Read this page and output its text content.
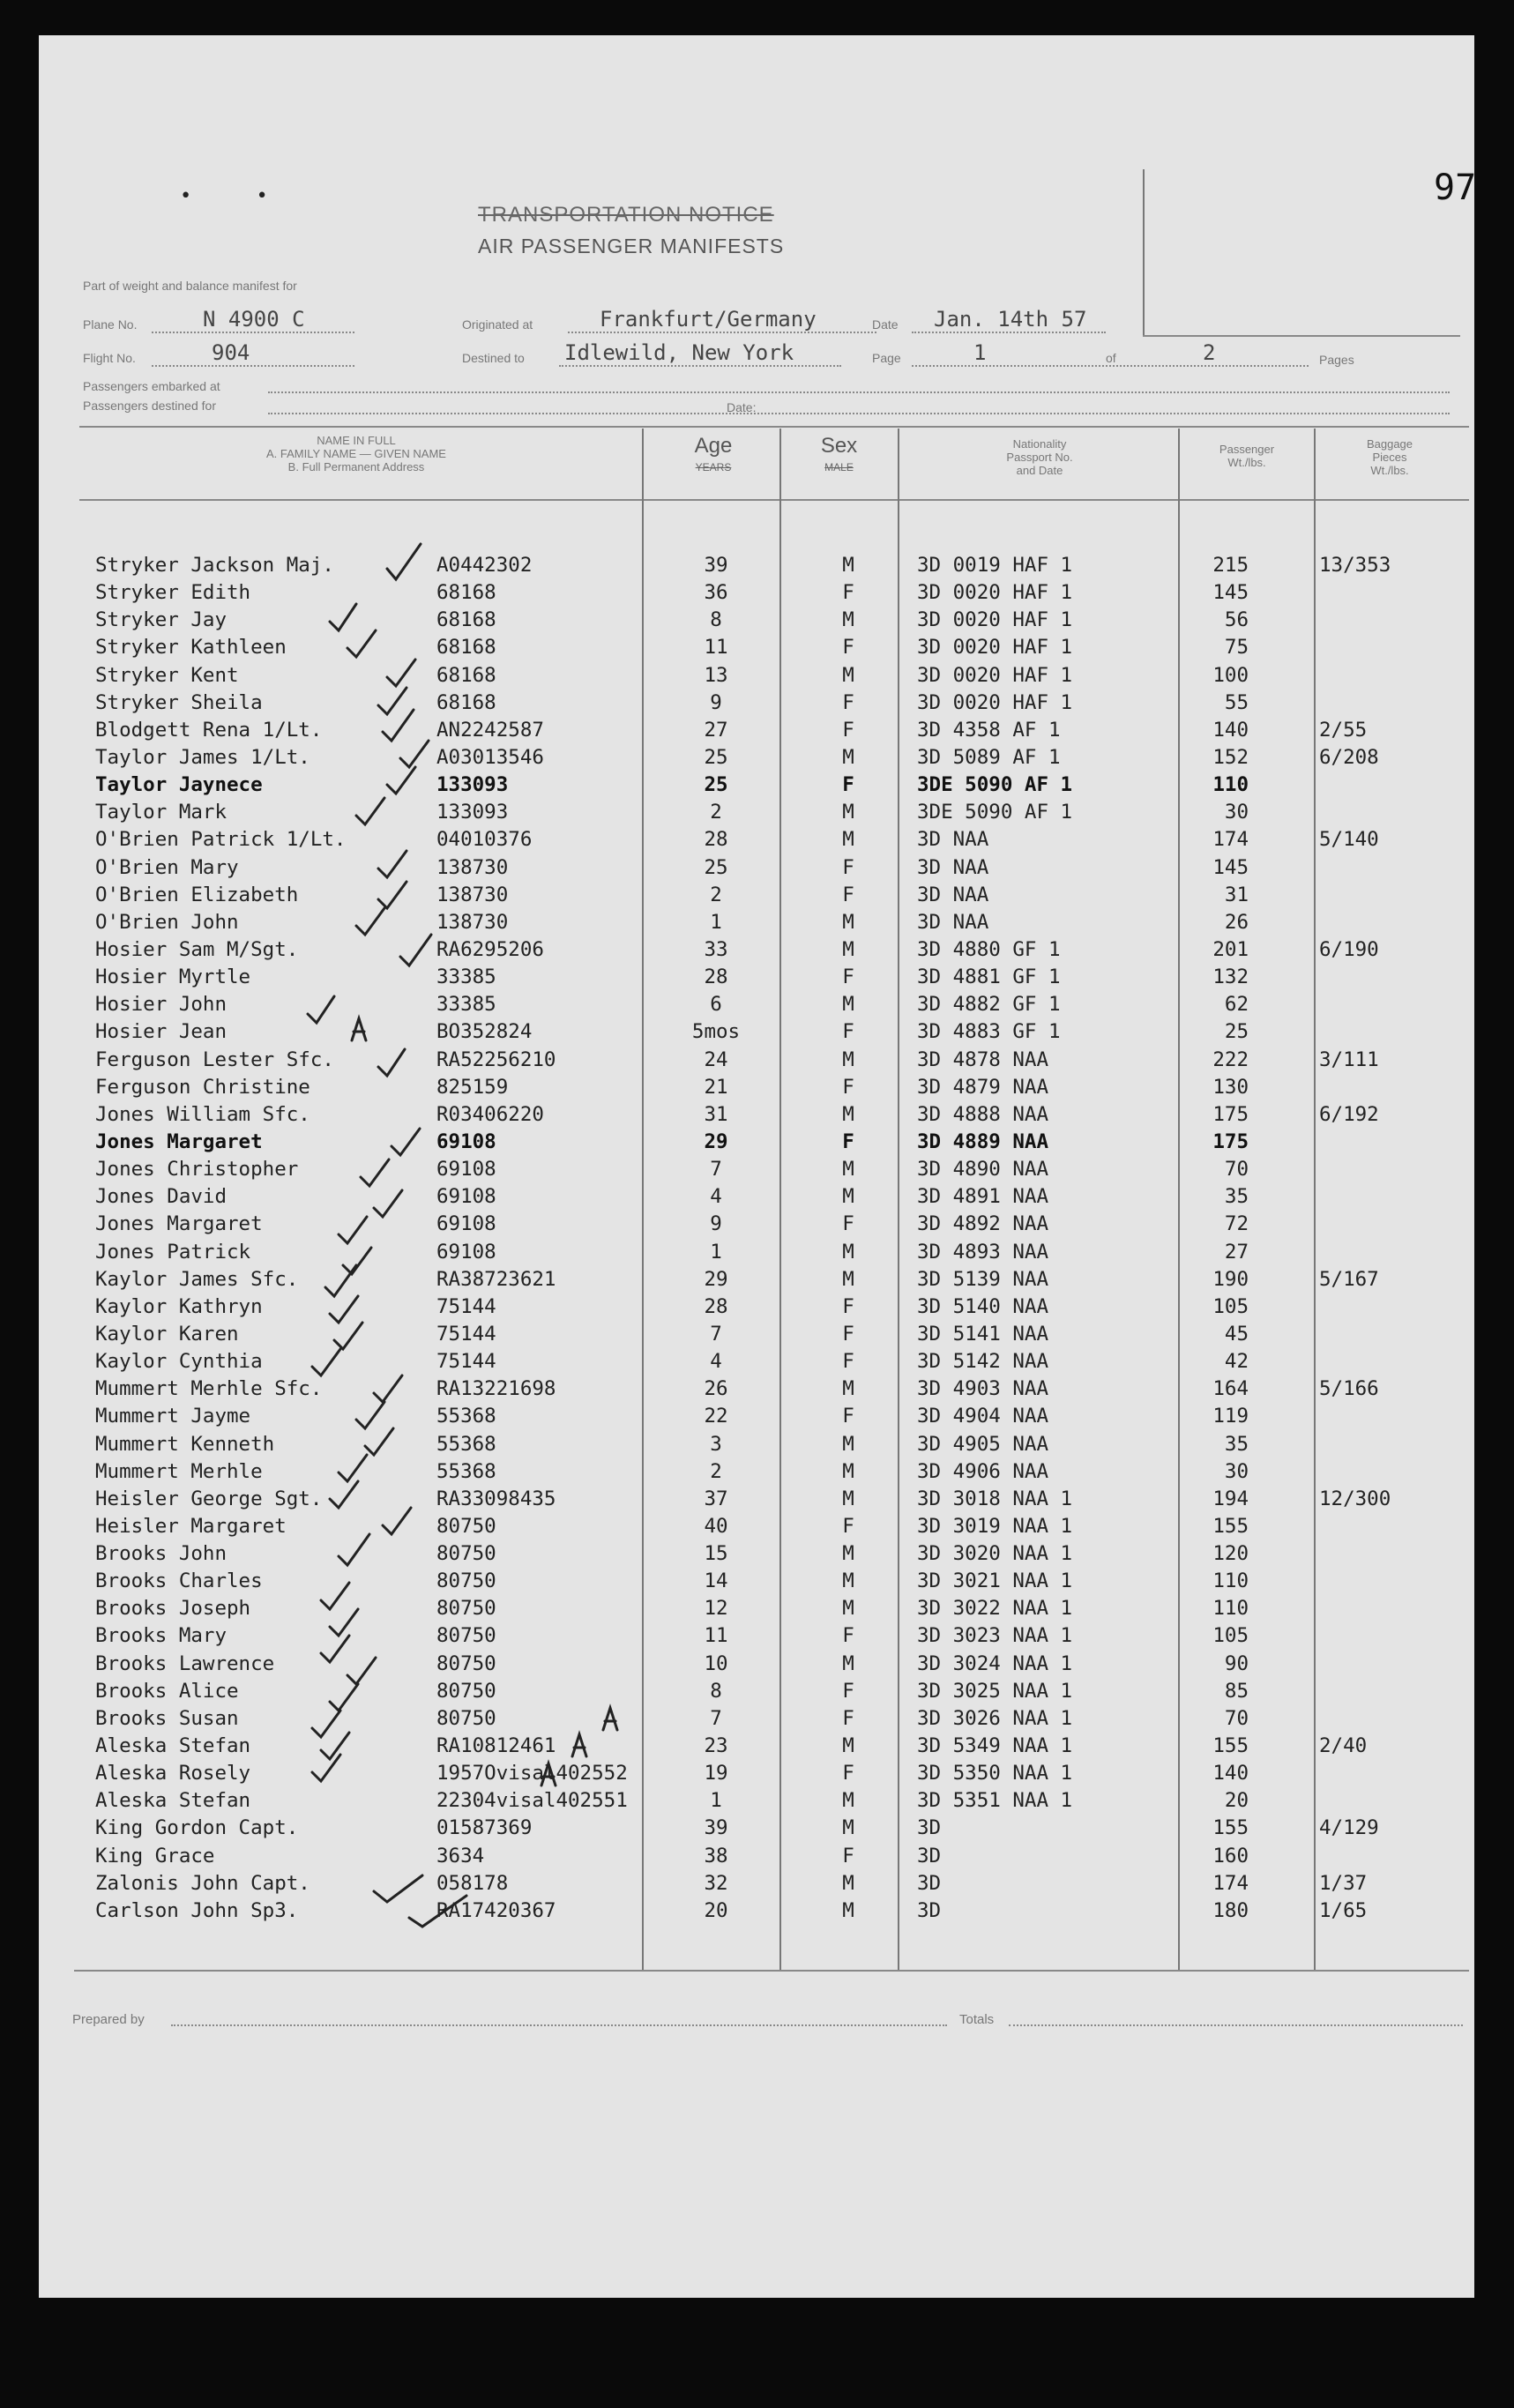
97
• •
TRANSPORTATION NOTICE
AIR PASSENGER MANIFESTS
Part of weight and balance manifest for
Plane No.	N 4900 C	Originated at	Frankfurt/Germany	Date Jan. 14th 57
Flight No.	904	Destined to Idlewild, New York	Page	1	of	2	Pages
Passengers embarked at
Passengers destined for	Date:
NAME IN FULL
A. FAMILY NAME — GIVEN NAME
B. Full Permanent Address
Age
YEARS
Sex
MALE
Nationality
Passport No.
and Date
Passenger
Wt./lbs.
Baggage
Pieces
Wt./lbs.
Stryker Jackson Maj.	A0442302	39	M	3D 0019 HAF 1	215	13/353
Stryker Edith	68168	36	F	3D 0020 HAF 1	145
Stryker Jay	68168	8	M	3D 0020 HAF 1	56
Stryker Kathleen	68168	11	F	3D 0020 HAF 1	75
Stryker Kent	68168	13	M	3D 0020 HAF 1	100
Stryker Sheila	68168	9	F	3D 0020 HAF 1	55
Blodgett Rena 1/Lt.	AN2242587	27	F	3D 4358 AF 1	140	2/55
Taylor James 1/Lt.	A03013546	25	M	3D 5089 AF 1	152	6/208
Taylor Jaynece	133093	25	F	3DE 5090 AF 1	110
Taylor Mark	133093	2	M	3DE 5090 AF 1	30
O'Brien Patrick 1/Lt.	04010376	28	M	3D NAA	174	5/140
O'Brien Mary	138730	25	F	3D NAA	145
O'Brien Elizabeth	138730	2	F	3D NAA	31
O'Brien John	138730	1	M	3D NAA	26
Hosier Sam M/Sgt.	RA6295206	33	M	3D 4880 GF 1	201	6/190
Hosier Myrtle	33385	28	F	3D 4881 GF 1	132
Hosier John	33385	6	M	3D 4882 GF 1	62
Hosier Jean	BO352824	5mos	F	3D 4883 GF 1	25
Ferguson Lester Sfc.	RA52256210	24	M	3D 4878 NAA	222	3/111
Ferguson Christine	825159	21	F	3D 4879 NAA	130
Jones William Sfc.	R03406220	31	M	3D 4888 NAA	175	6/192
Jones Margaret	69108	29	F	3D 4889 NAA	175
Jones Christopher	69108	7	M	3D 4890 NAA	70
Jones David	69108	4	M	3D 4891 NAA	35
Jones Margaret	69108	9	F	3D 4892 NAA	72
Jones Patrick	69108	1	M	3D 4893 NAA	27
Kaylor James Sfc.	RA38723621	29	M	3D 5139 NAA	190	5/167
Kaylor Kathryn	75144	28	F	3D 5140 NAA	105
Kaylor Karen	75144	7	F	3D 5141 NAA	45
Kaylor Cynthia	75144	4	F	3D 5142 NAA	42
Mummert Merhle Sfc.	RA13221698	26	M	3D 4903 NAA	164	5/166
Mummert Jayme	55368	22	F	3D 4904 NAA	119
Mummert Kenneth	55368	3	M	3D 4905 NAA	35
Mummert Merhle	55368	2	M	3D 4906 NAA	30
Heisler George Sgt.	RA33098435	37	M	3D 3018 NAA 1	194	12/300
Heisler Margaret	80750	40	F	3D 3019 NAA 1	155
Brooks John	80750	15	M	3D 3020 NAA 1	120
Brooks Charles	80750	14	M	3D 3021 NAA 1	110
Brooks Joseph	80750	12	M	3D 3022 NAA 1	110
Brooks Mary	80750	11	F	3D 3023 NAA 1	105
Brooks Lawrence	80750	10	M	3D 3024 NAA 1	90
Brooks Alice	80750	8	F	3D 3025 NAA 1	85
Brooks Susan	80750	7	F	3D 3026 NAA 1	70
Aleska Stefan	RA10812461	23	M	3D 5349 NAA 1	155	2/40
Aleska Rosely	1957Ovisal402552	19	F	3D 5350 NAA 1	140
Aleska Stefan	22304visal402551	1	M	3D 5351 NAA 1	20
King Gordon Capt.	01587369	39	M	3D	155	4/129
King Grace	3634	38	F	3D	160
Zalonis John Capt.	058178	32	M	3D	174	1/37
Carlson John Sp3.	RA17420367	20	M	3D	180	1/65
Prepared by	Totals
